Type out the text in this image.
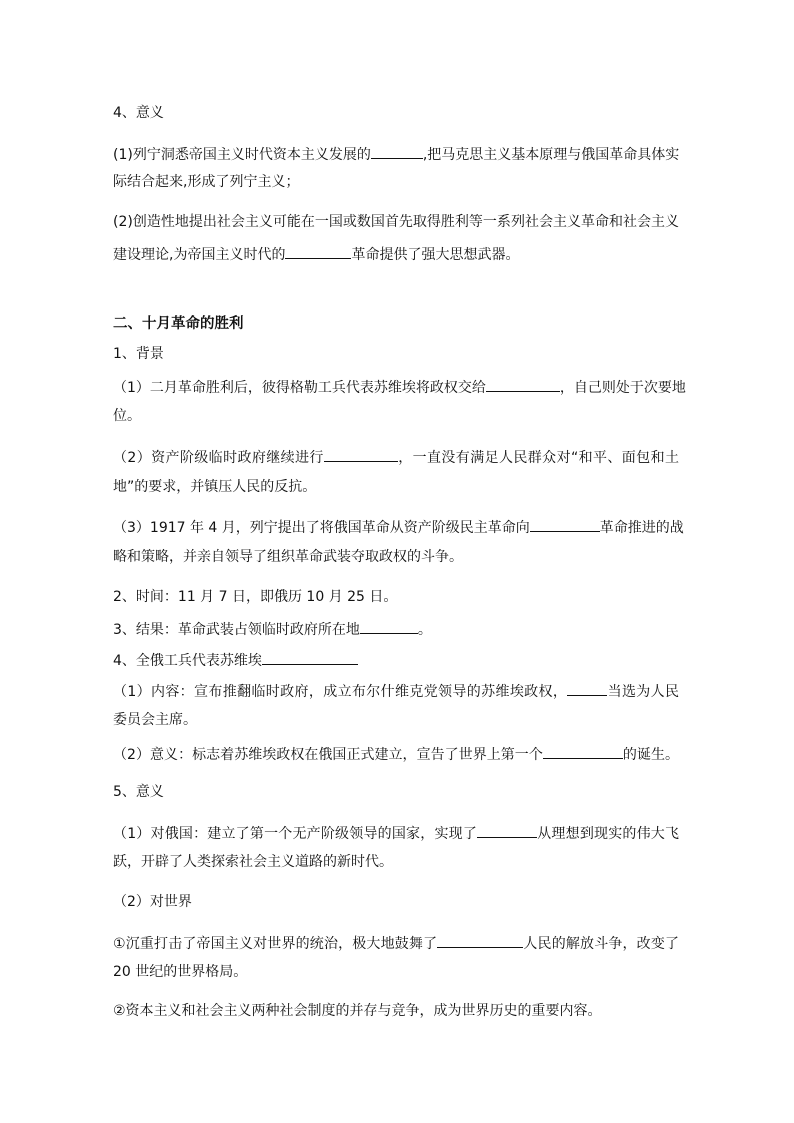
4、意义
(1)列宁洞悉帝国主义时代资本主义发展的	,把马克思主义基本原理与俄国革命具体实
际结合起来,形成了列宁主义；
(2)创造性地提出社会主义可能在一国或数国首先取得胜利等一系列社会主义革命和社会主义
建设理论,为帝国主义时代的	革命提供了强大思想武器。
二、十月革命的胜利
1、背景
（1）二月革命胜利后，彼得格勒工兵代表苏维埃将政权交给	，自己则处于次要地
位。
（2）资产阶级临时政府继续进行	，一直没有满足人民群众对“和平、面包和土
地”的要求，并镇压人民的反抗。
（3）1917 年 4 月，列宁提出了将俄国革命从资产阶级民主革命向	革命推进的战
略和策略，并亲自领导了组织革命武装夺取政权的斗争。
2、时间：11 月 7 日，即俄历 10 月 25 日。
3、结果：革命武装占领临时政府所在地	。
4、全俄工兵代表苏维埃
（1）内容：宣布推翻临时政府，成立布尔什维克党领导的苏维埃政权，	当选为人民
委员会主席。
（2）意义：标志着苏维埃政权在俄国正式建立，宣告了世界上第一个	的诞生。
5、意义
（1）对俄国：建立了第一个无产阶级领导的国家，实现了	从理想到现实的伟大飞
跃，开辟了人类探索社会主义道路的新时代。
（2）对世界
①沉重打击了帝国主义对世界的统治，极大地鼓舞了	人民的解放斗争，改变了
20 世纪的世界格局。
②资本主义和社会主义两种社会制度的并存与竞争，成为世界历史的重要内容。
